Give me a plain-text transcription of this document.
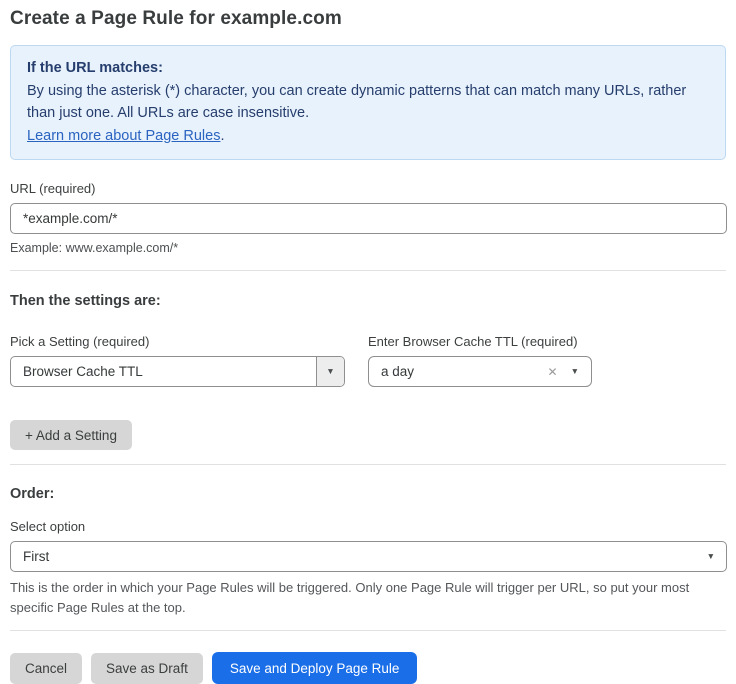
Create a Page Rule for example.com
If the URL matches:
By using the asterisk (*) character, you can create dynamic patterns that can match many URLs, rather than just one. All URLs are case insensitive.
Learn more about Page Rules.
URL (required)
*example.com/*
Example: www.example.com/*
Then the settings are:
Pick a Setting (required)
Browser Cache TTL	▼
Enter Browser Cache TTL (required)
a day	✕ ▼
+ Add a Setting
Order:
Select option
First	▼
This is the order in which your Page Rules will be triggered. Only one Page Rule will trigger per URL, so put your most specific Page Rules at the top.
Cancel	Save as Draft	Save and Deploy Page Rule
